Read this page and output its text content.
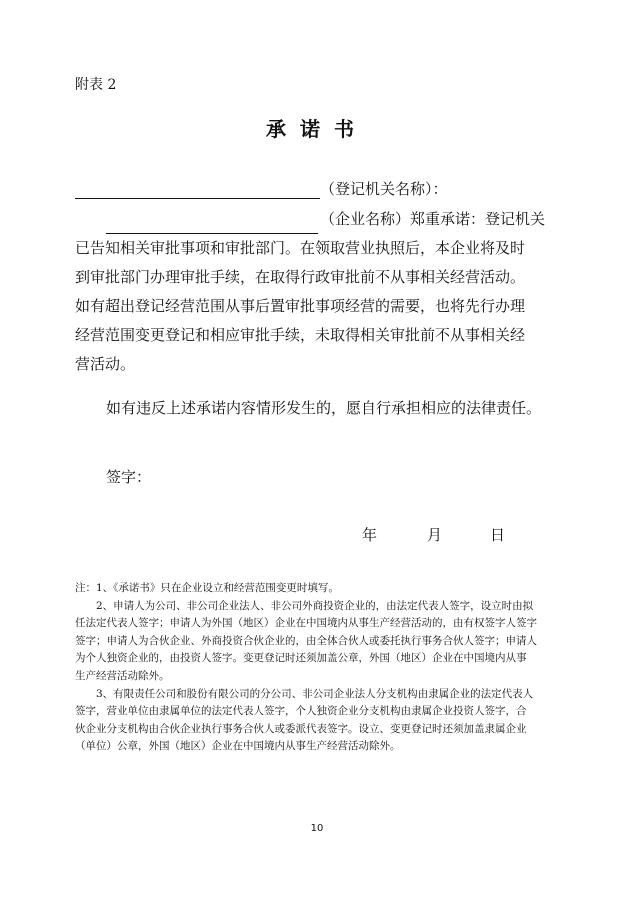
附表 2
承诺书
（登记机关名称）：
（企业名称）郑重承诺：登记机关
已告知相关审批事项和审批部门。在领取营业执照后，本企业将及时
到审批部门办理审批手续，在取得行政审批前不从事相关经营活动。
如有超出登记经营范围从事后置审批事项经营的需要，也将先行办理
经营范围变更登记和相应审批手续，未取得相关审批前不从事相关经
营活动。
如有违反上述承诺内容情形发生的，愿自行承担相应的法律责任。
签字：
年	月	日
注：1、《承诺书》只在企业设立和经营范围变更时填写。
2、申请人为公司、非公司企业法人、非公司外商投资企业的，由法定代表人签字，设立时由拟
任法定代表人签字；申请人为外国（地区）企业在中国境内从事生产经营活动的，由有权签字人签字
签字；申请人为合伙企业、外商投资合伙企业的，由全体合伙人或委托执行事务合伙人签字；申请人
为个人独资企业的，由投资人签字。变更登记时还须加盖公章，外国（地区）企业在中国境内从事
生产经营活动除外。
3、有限责任公司和股份有限公司的分公司、非公司企业法人分支机构由隶属企业的法定代表人
签字，营业单位由隶属单位的法定代表人签字，个人独资企业分支机构由隶属企业投资人签字，合
伙企业分支机构由合伙企业执行事务合伙人或委派代表签字。设立、变更登记时还须加盖隶属企业
（单位）公章，外国（地区）企业在中国境内从事生产经营活动除外。
10
